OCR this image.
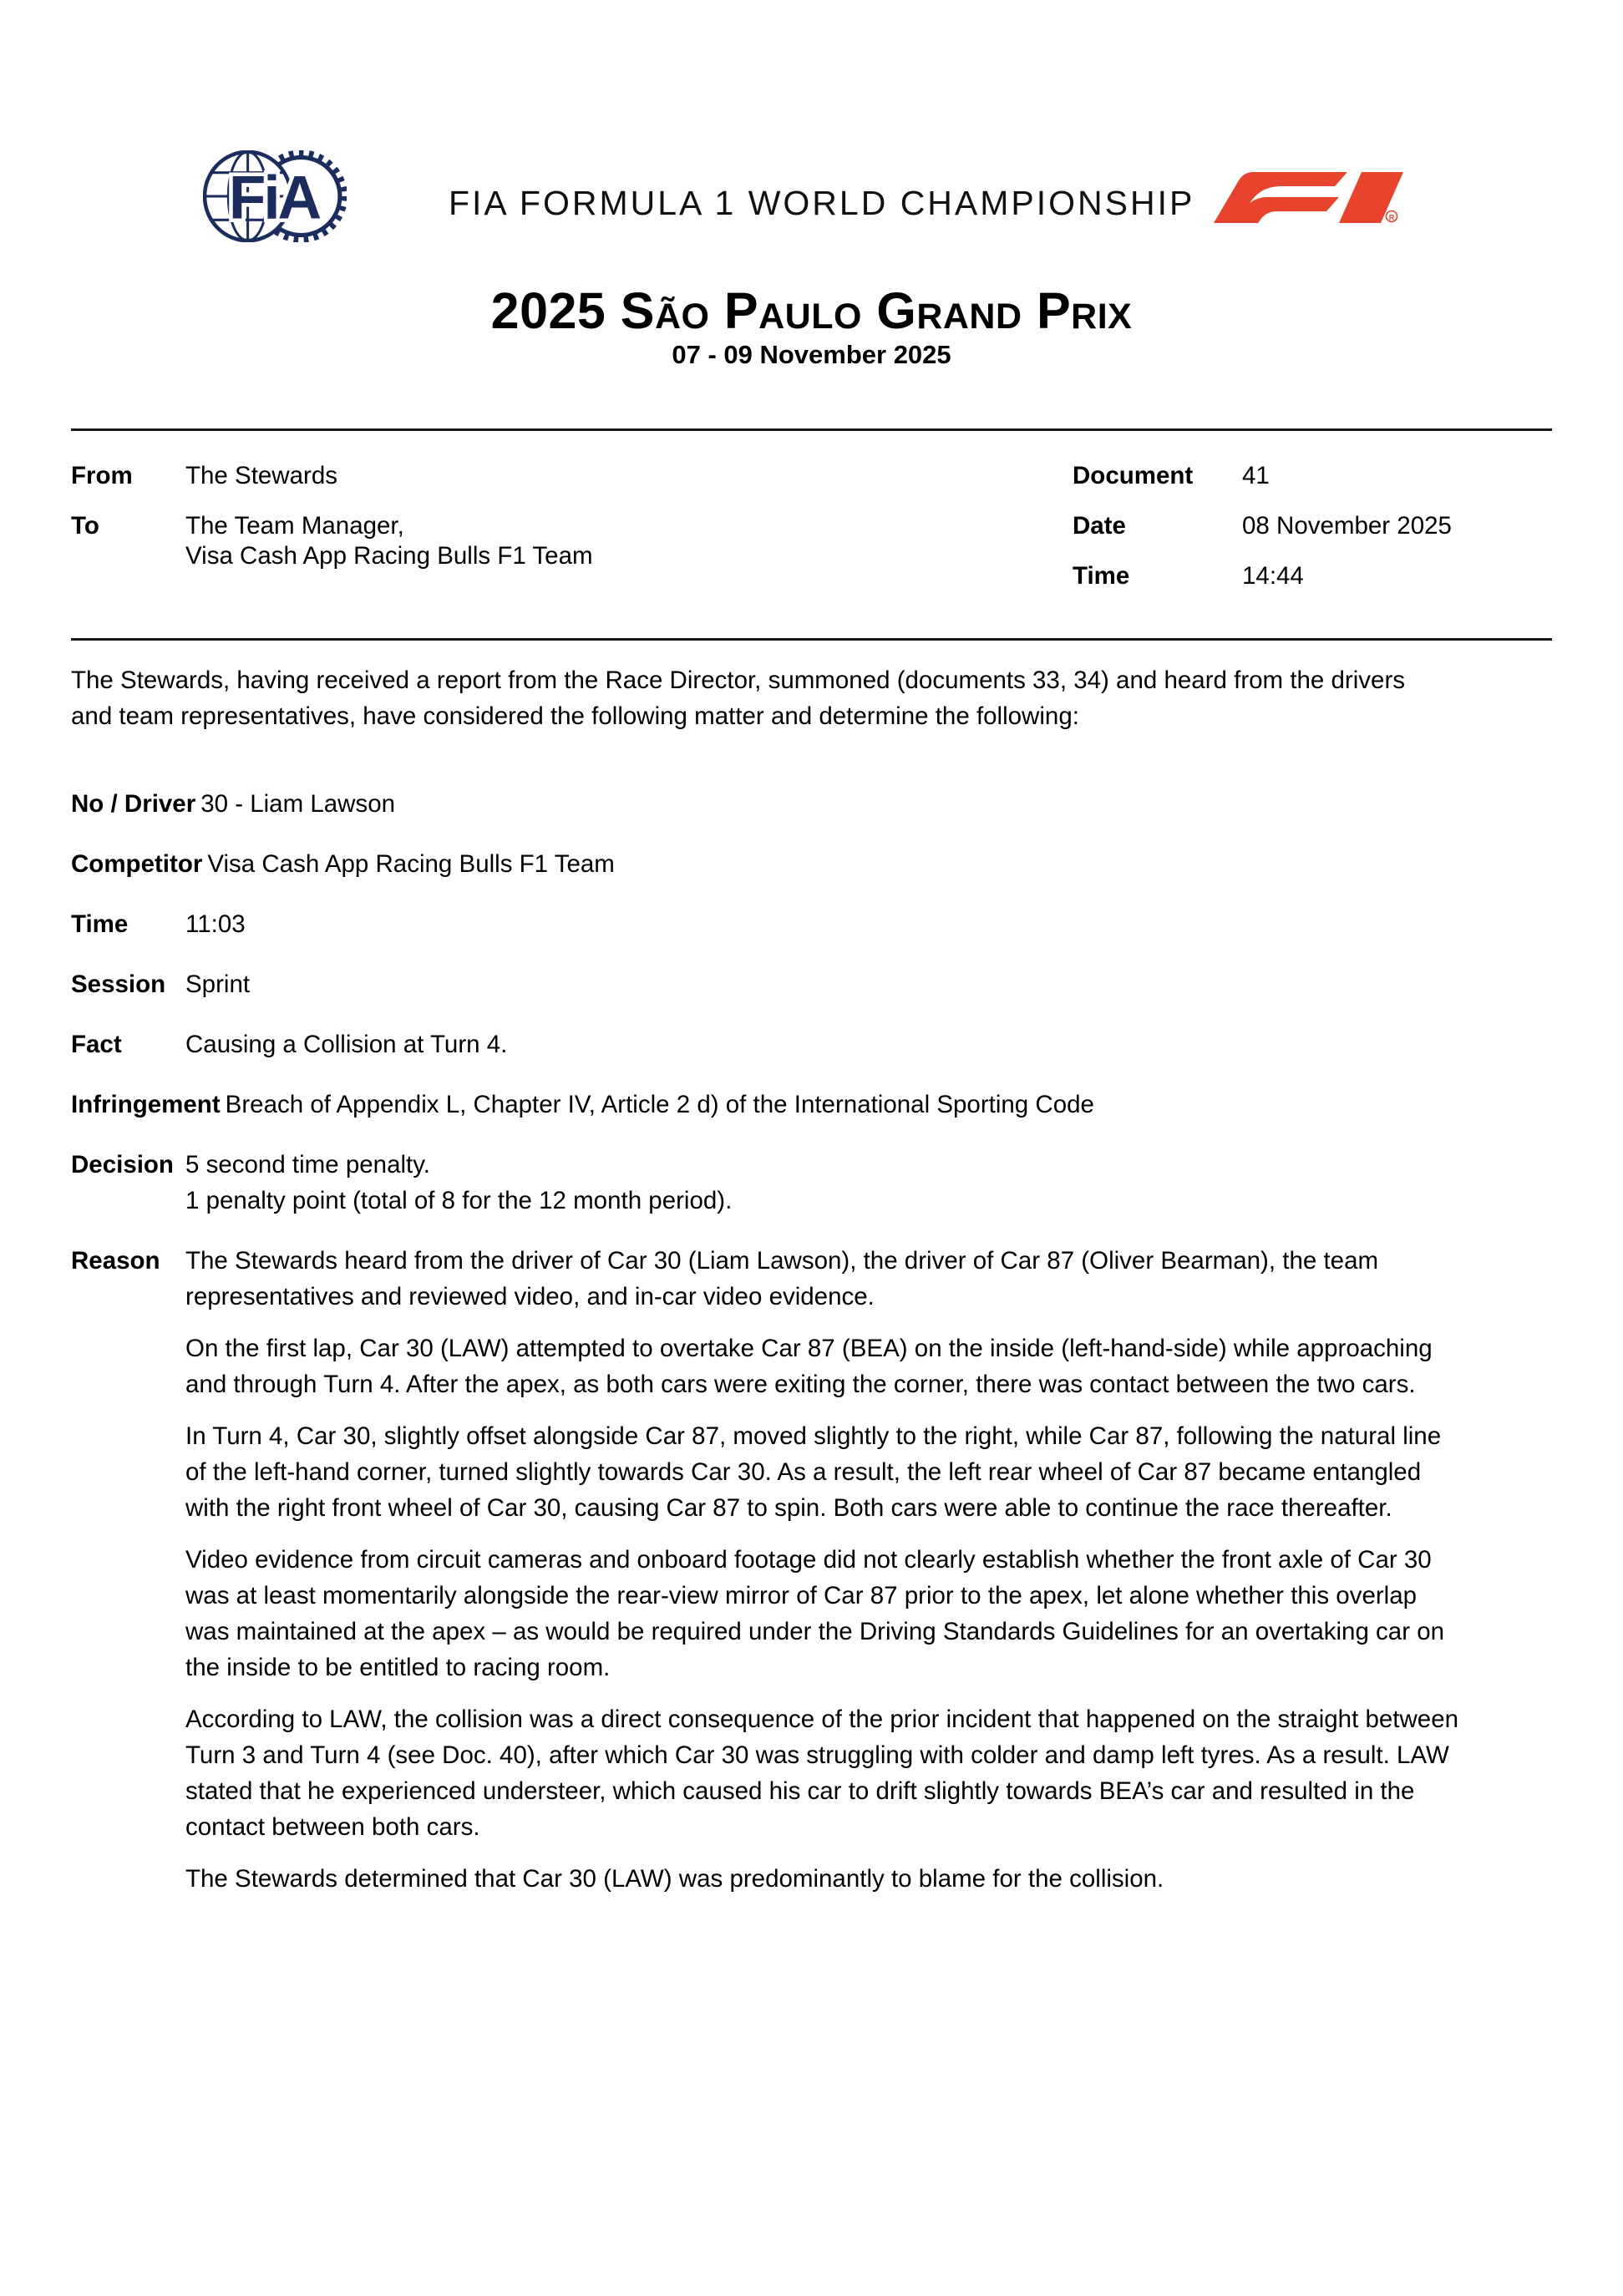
FiA	FIA FORMULA 1 WORLD CHAMPIONSHIP	R
2025 São Paulo Grand Prix
07 - 09 November 2025
From	The Stewards
To	The Team Manager,
Visa Cash App Racing Bulls F1 Team
Document	41
Date	08 November 2025
Time	14:44

The Stewards, having received a report from the Race Director, summoned (documents 33, 34) and heard from the drivers and team representatives, have considered the following matter and determine the following:

No / Driver 30 - Liam Lawson
Competitor Visa Cash App Racing Bulls F1 Team
Time	11:03
Session Sprint
Fact	Causing a Collision at Turn 4.
Infringement Breach of Appendix L, Chapter IV, Article 2 d) of the International Sporting Code
Decision 5 second time penalty.
1 penalty point (total of 8 for the 12 month period).
Reason	The Stewards heard from the driver of Car 30 (Liam Lawson), the driver of Car 87 (Oliver Bearman), the team representatives and reviewed video, and in-car video evidence.

On the first lap, Car 30 (LAW) attempted to overtake Car 87 (BEA) on the inside (left-hand-side) while approaching and through Turn 4. After the apex, as both cars were exiting the corner, there was contact between the two cars.

In Turn 4, Car 30, slightly offset alongside Car 87, moved slightly to the right, while Car 87, following the natural line of the left-hand corner, turned slightly towards Car 30. As a result, the left rear wheel of Car 87 became entangled with the right front wheel of Car 30, causing Car 87 to spin. Both cars were able to continue the race thereafter.

Video evidence from circuit cameras and onboard footage did not clearly establish whether the front axle of Car 30 was at least momentarily alongside the rear-view mirror of Car 87 prior to the apex, let alone whether this overlap was maintained at the apex – as would be required under the Driving Standards Guidelines for an overtaking car on the inside to be entitled to racing room.

According to LAW, the collision was a direct consequence of the prior incident that happened on the straight between Turn 3 and Turn 4 (see Doc. 40), after which Car 30 was struggling with colder and damp left tyres. As a result. LAW stated that he experienced understeer, which caused his car to drift slightly towards BEA’s car and resulted in the contact between both cars.

The Stewards determined that Car 30 (LAW) was predominantly to blame for the collision.
